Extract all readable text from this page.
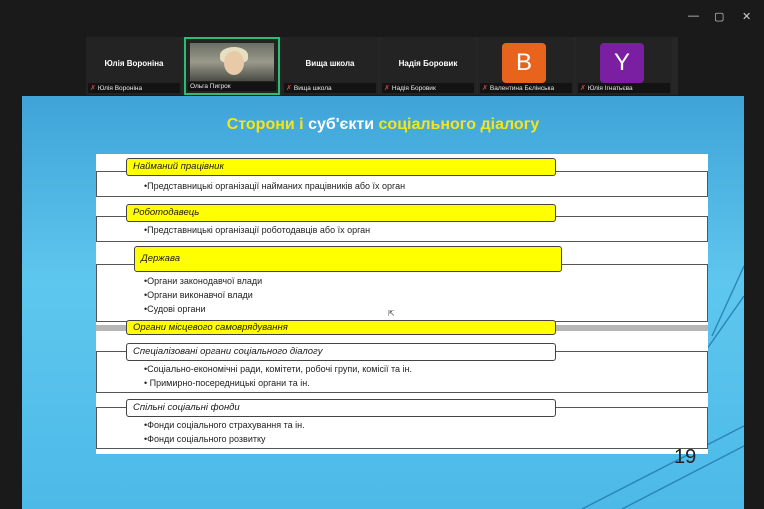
— ▢ ✕
Юлія Вороніна
✗ Юлія Вороніна	Ольга Пигрок
Вища школа
✗ Вища школа
Надія Боровик
✗ Надія Боровик
B
✗ Валентина Бєлінська
Y
✗ Юлія Ігнатьєва
Сторони і суб'єкти соціального діалогу
Найманий працівник
•Представницькі організації найманих працівників або їх орган
Роботодавець
•Представницькі організації роботодавців або їх орган
Держава
•Органи законодавчої влади
•Органи виконавчої влади
•Судові органи
Органи місцевого самоврядування
Спеціалізовані органи соціального діалогу
•Соціально-економічні ради, комітети, робочі групи, комісії та ін.
• Примирно-посередницькі органи та ін.
Спільні соціальні фонди
•Фонди соціального страхування та ін.
•Фонди соціального розвитку
⇱
19
